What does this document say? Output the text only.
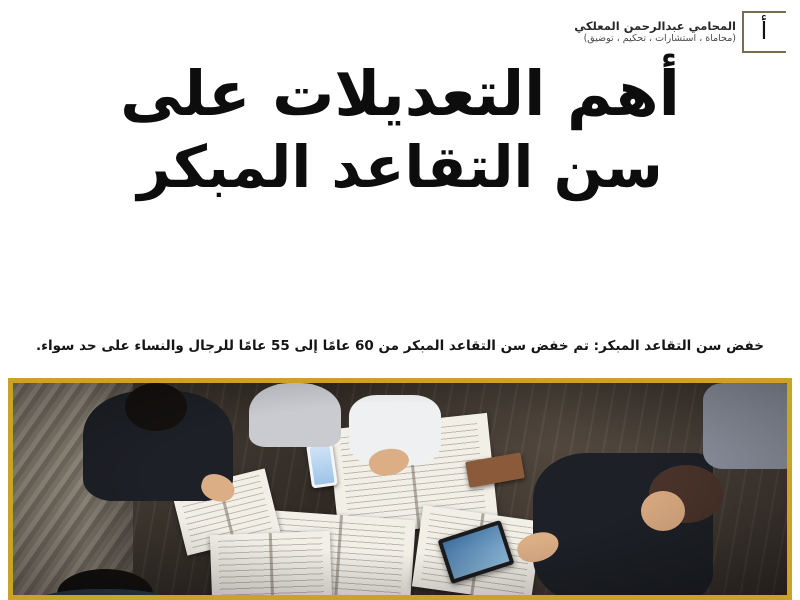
أ
المحامي عبدالرحمن المعلكي
(محاماة ، استشارات ، تحكيم ، توضيق)
أهم التعديلات على
سن التقاعد المبكر
خفض سن التقاعد المبكر: تم خفض سن التقاعد المبكر من 60 عامًا إلى 55 عامًا للرجال والنساء على حد سواء.
